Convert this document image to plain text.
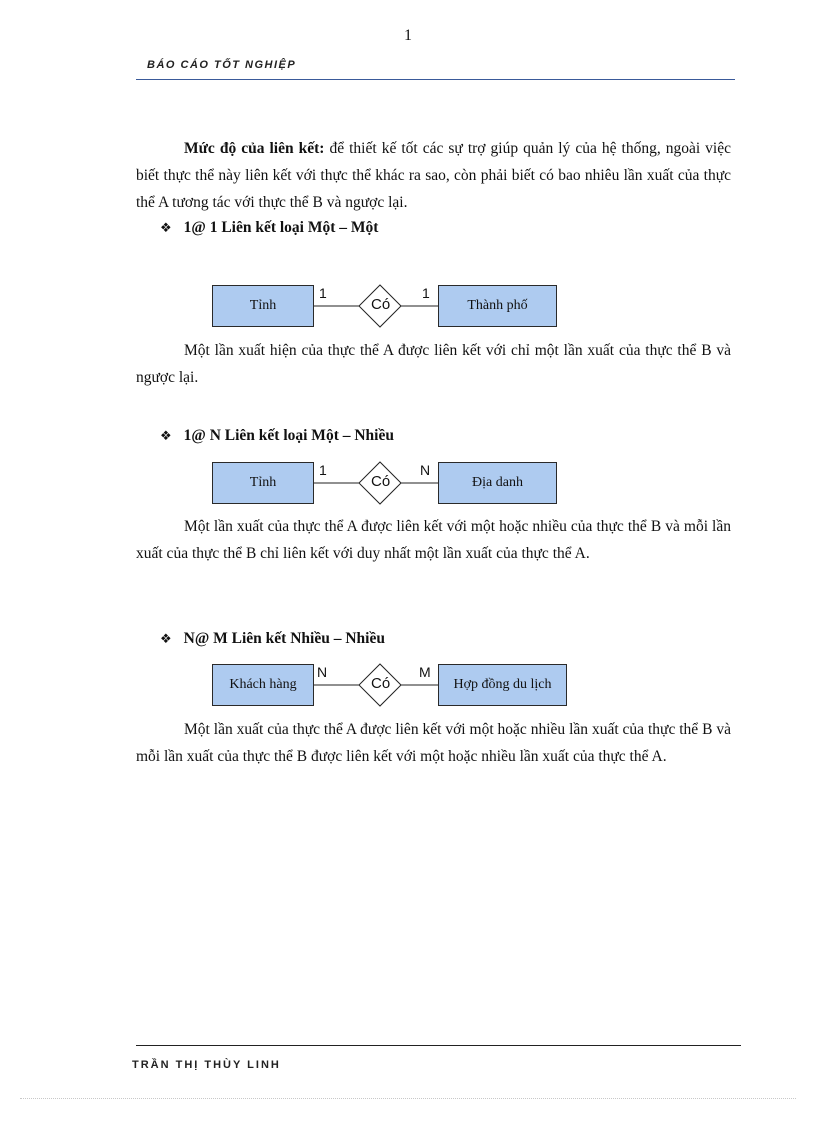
1
BÁO CÁO TỐT NGHIỆP

Mức độ của liên kết: để thiết kế tốt các sự trợ giúp quản lý của hệ thống, ngoài việc biết thực thể này liên kết với thực thể khác ra sao, còn phải biết có bao nhiêu lần xuất của thực thể A tương tác với thực thể B và ngược lại.

❖ 1@ 1 Liên kết loại Một – Một
Tỉnh	Thành phố
Có
1	1

Một lần xuất hiện của thực thể A được liên kết với chỉ một lần xuất của thực thể B và ngược lại.

❖ 1@ N Liên kết loại Một – Nhiều
Tỉnh	Địa danh
Có
1	N

Một lần xuất của thực thể A được liên kết với một hoặc nhiều của thực thể B và mỗi lần xuất của thực thể B chỉ liên kết với duy nhất một lần xuất của thực thể A.

❖ N@ M Liên kết Nhiều – Nhiều
Khách hàng	Hợp đồng du lịch
Có
N	M

Một lần xuất của thực thể A được liên kết với một hoặc nhiều lần xuất của thực thể B và mỗi lần xuất của thực thể B được liên kết với một hoặc nhiều lần xuất của thực thể A.

TRẦN THỊ THÙY LINH
